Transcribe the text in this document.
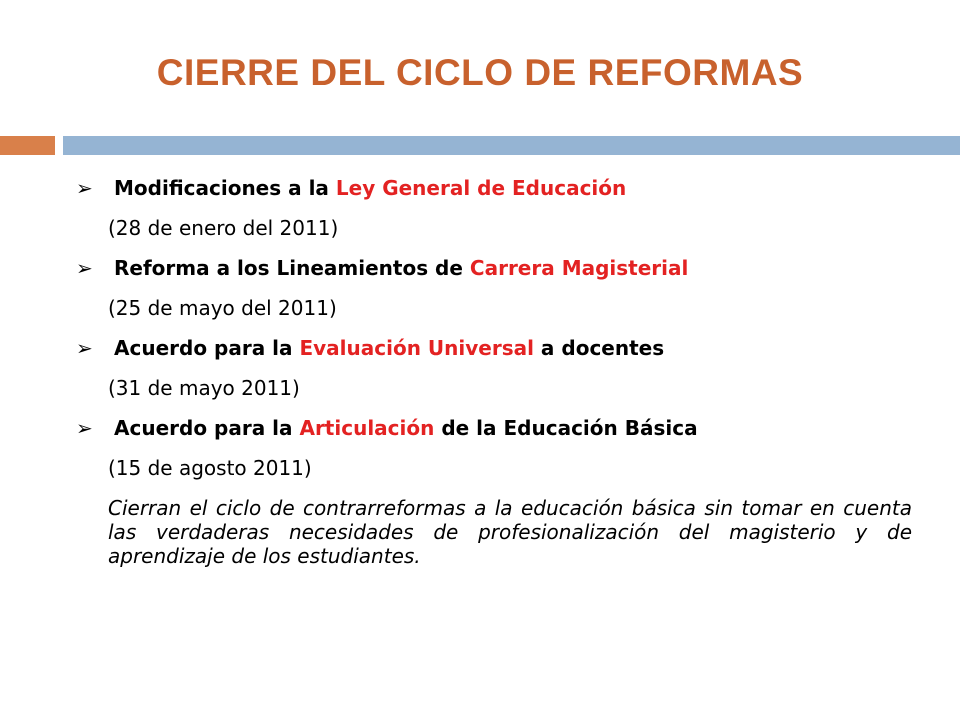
CIERRE DEL CICLO DE REFORMAS
➢	Modificaciones a la Ley General de Educación
(28 de enero del 2011)
➢	Reforma a los Lineamientos de Carrera Magisterial
(25 de mayo del 2011)
➢	Acuerdo para la Evaluación Universal a docentes
(31 de mayo 2011)
➢	Acuerdo para la Articulación de la Educación Básica
(15 de agosto 2011)
Cierran el ciclo de contrarreformas a la educación básica sin tomar en cuenta las verdaderas necesidades de profesionalización del magisterio y de aprendizaje de los estudiantes.
